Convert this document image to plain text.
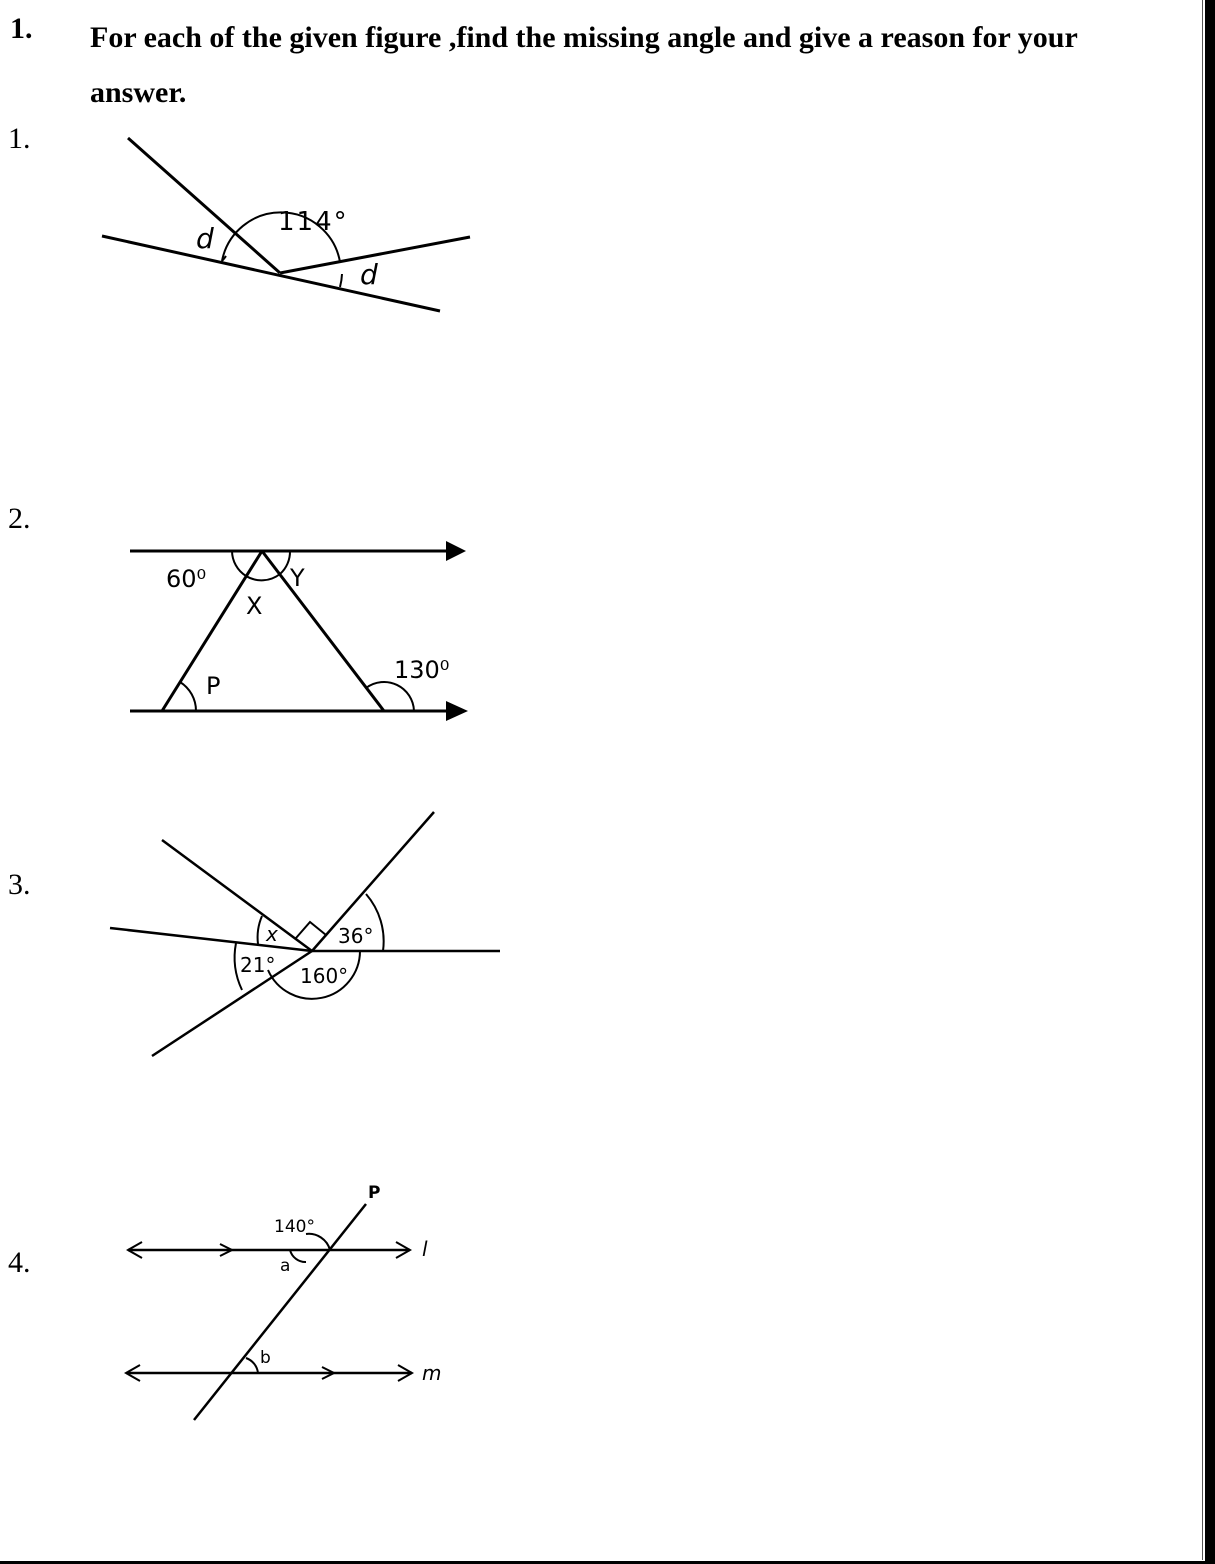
1. For each of the given figure ,find the missing angle and give a reason for your answer.
1.
2.
3.
4.
114°
d
d
60⁰
X
Y
P
130⁰
x	36°
21° 160°
140°
a
b
P
l
m
